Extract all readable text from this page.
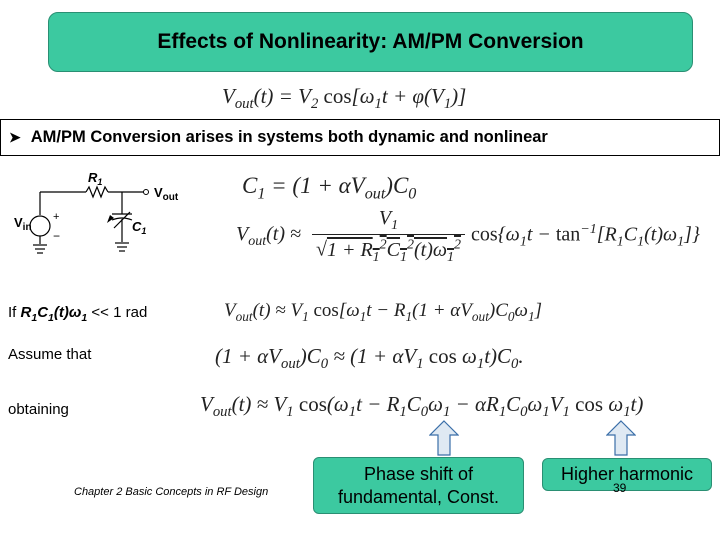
Effects of Nonlinearity: AM/PM Conversion
$V_{out}(t) = V_2$ $\cos[\omega_1t + \varphi(V_1)]$
➤ AM/PM Conversion arises in systems both dynamic and nonlinear
$R_1$
$V_{out}$
$V_{in}$	$C_1$
+
−
$C_1 = (1 + \alpha V_{out})C_0$
$V_{out}(t) \approx \frac{V_1}{√1 + R_1^2C_1^2(t)\omega_1^2} \cos\{\omega_1t - \tan^{-1}[R_1C_1(t)\omega_1]\}$
If $R_1C_1(t)\omega_1 << 1$ rad	$V_{out}(t) \approx V_1$ $\cos[\omega_1t - R_1(1 + \alpha V_{out})C_0\omega_1]$
Assume that	$(1 + \alpha V_{out})C_0 \approx (1 + \alpha V_1$ $\cos \omega_1t)C_0$.
obtaining	$V_{out}(t) \approx V_1$ $\cos(\omega_1t - R_1C_0\omega_1 - \alpha R_1C_0\omega_1V_1$ $\cos \omega_1t$)
Phase shift of fundamental, Const.
Higher harmonic
Chapter 2 Basic Concepts in RF Design	39
